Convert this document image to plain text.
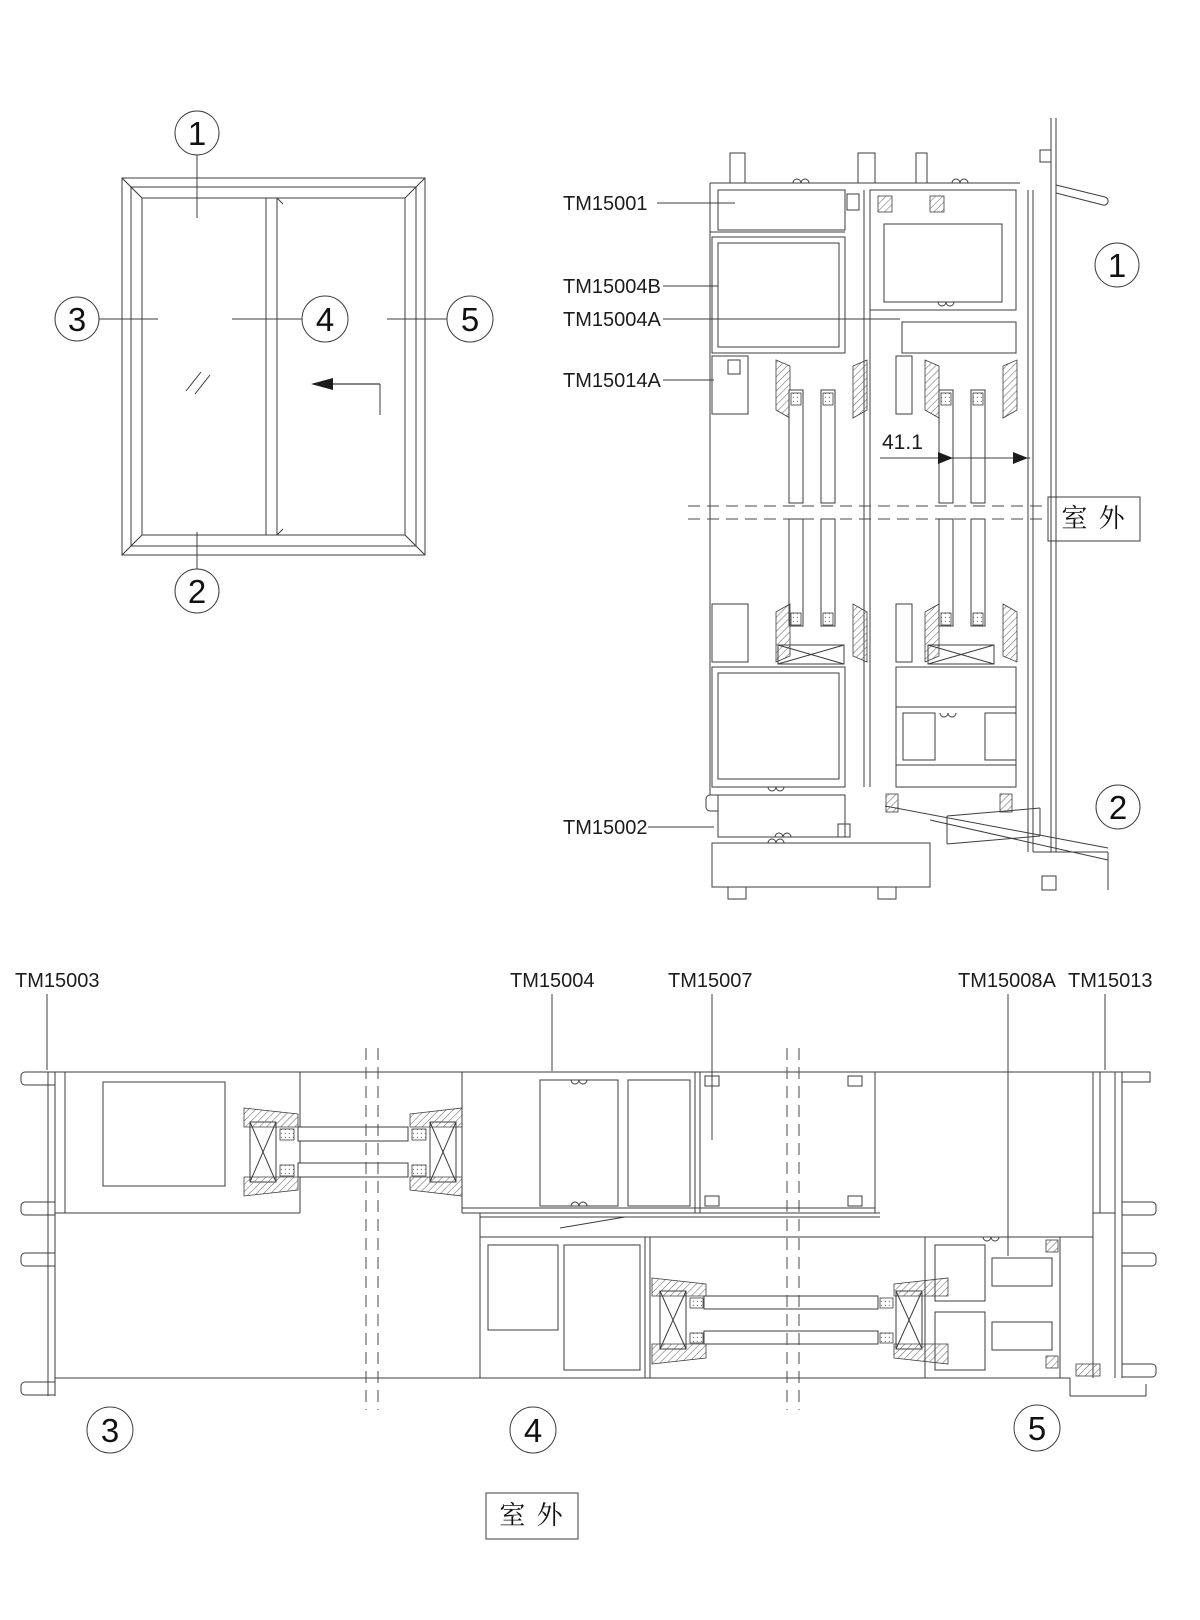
1
2
3	4	5
室 外
41.1
TM15001
TM15004B
TM15004A
TM15014A
TM15002
1
2
TM15003	TM15004	TM15007	TM15008A TM15013
3	4	5
室 外
